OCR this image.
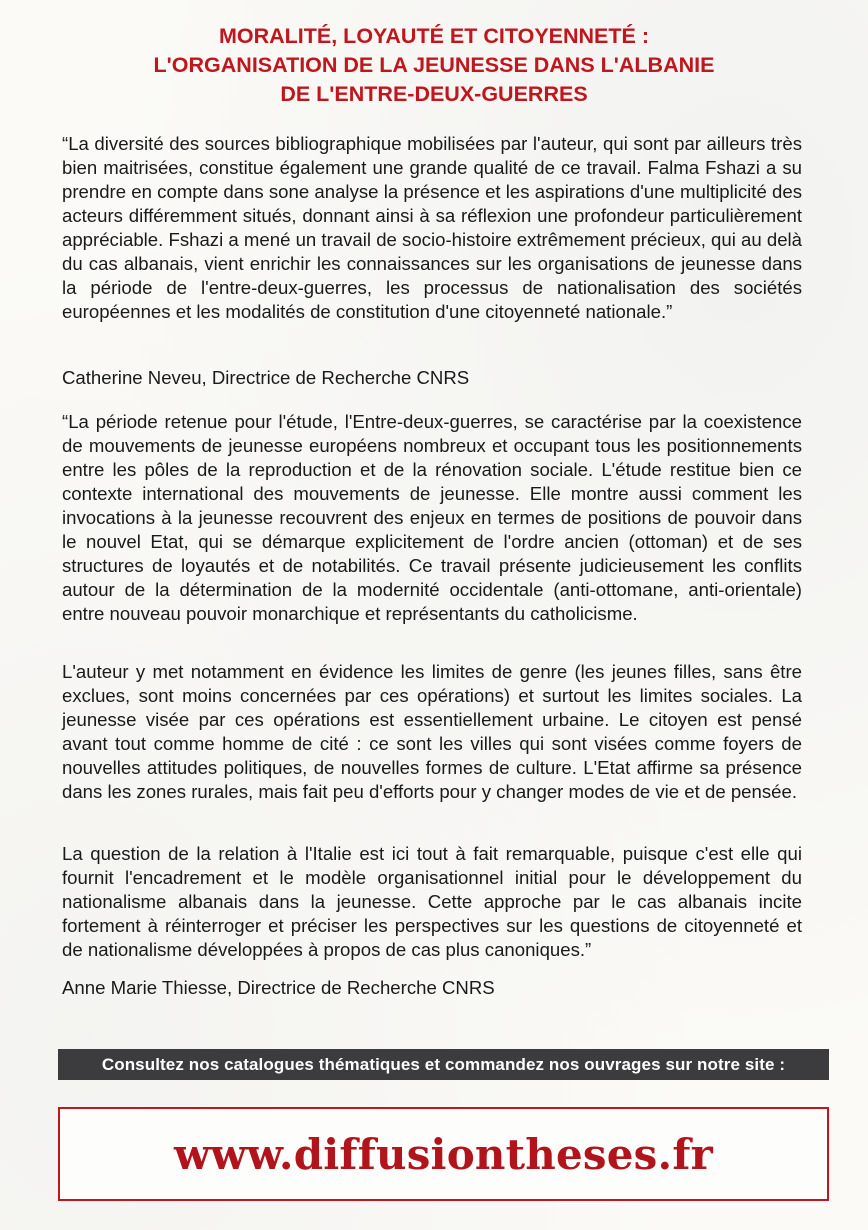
MORALITÉ, LOYAUTÉ ET CITOYENNETÉ :
L'ORGANISATION DE LA JEUNESSE DANS L'ALBANIE
DE L'ENTRE-DEUX-GUERRES

“La diversité des sources bibliographique mobilisées par l'auteur, qui sont par ailleurs très bien maitrisées, constitue également une grande qualité de ce travail. Falma Fshazi a su prendre en compte dans sone analyse la présence et les aspirations d'une multiplicité des acteurs différemment situés, donnant ainsi à sa réflexion une profondeur particulièrement appréciable. Fshazi a mené un travail de socio-histoire extrêmement précieux, qui au delà du cas albanais, vient enrichir les connaissances sur les organisations de jeunesse dans la période de l'entre-deux-guerres, les processus de nationalisation des sociétés européennes et les modalités de constitution d'une citoyenneté nationale.”

Catherine Neveu, Directrice de Recherche CNRS

“La période retenue pour l'étude, l'Entre-deux-guerres, se caractérise par la coexistence de mouvements de jeunesse européens nombreux et occupant tous les positionnements entre les pôles de la reproduction et de la rénovation sociale. L'étude restitue bien ce contexte international des mouvements de jeunesse. Elle montre aussi comment les invocations à la jeunesse recouvrent des enjeux en termes de positions de pouvoir dans le nouvel Etat, qui se démarque explicitement de l'ordre ancien (ottoman) et de ses structures de loyautés et de notabilités. Ce travail présente judicieusement les conflits autour de la détermination de la modernité occidentale (anti-ottomane, anti-orientale) entre nouveau pouvoir monarchique et représentants du catholicisme.

L'auteur y met notamment en évidence les limites de genre (les jeunes filles, sans être exclues, sont moins concernées par ces opérations) et surtout les limites sociales. La jeunesse visée par ces opérations est essentiellement urbaine. Le citoyen est pensé avant tout comme homme de cité : ce sont les villes qui sont visées comme foyers de nouvelles attitudes politiques, de nouvelles formes de culture. L'Etat affirme sa présence dans les zones rurales, mais fait peu d'efforts pour y changer modes de vie et de pensée.

La question de la relation à l'Italie est ici tout à fait remarquable, puisque c'est elle qui fournit l'encadrement et le modèle organisationnel initial pour le développement du nationalisme albanais dans la jeunesse. Cette approche par le cas albanais incite fortement à réinterroger et préciser les perspectives sur les questions de citoyenneté et de nationalisme développées à propos de cas plus canoniques.”

Anne Marie Thiesse, Directrice de Recherche CNRS

Consultez nos catalogues thématiques et commandez nos ouvrages sur notre site :
www.diffusiontheses.fr
